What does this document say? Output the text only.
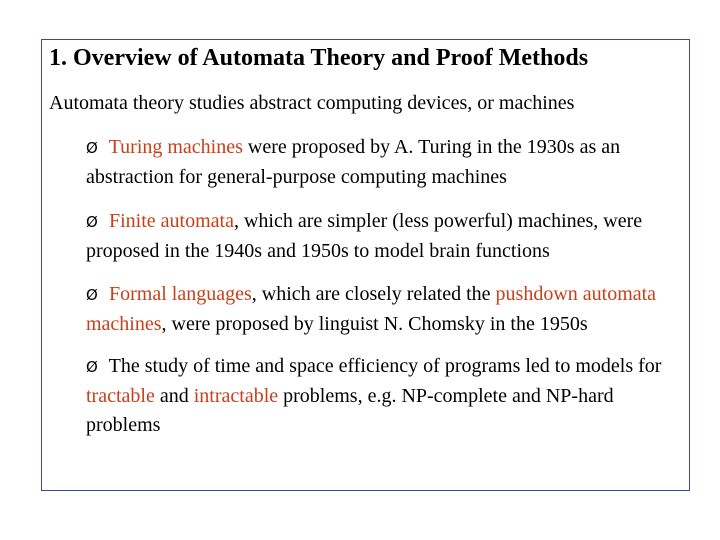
1. Overview of Automata Theory and Proof Methods

Automata theory studies abstract computing devices, or machines

Ø Turing machines were proposed by A. Turing in the 1930s as an abstraction for general-purpose computing machines
Ø Finite automata, which are simpler (less powerful) machines, were proposed in the 1940s and 1950s to model brain functions
Ø Formal languages, which are closely related the pushdown automata machines, were proposed by linguist N. Chomsky in the 1950s
Ø The study of time and space efficiency of programs led to models for tractable and intractable problems, e.g. NP-complete and NP-hard problems
